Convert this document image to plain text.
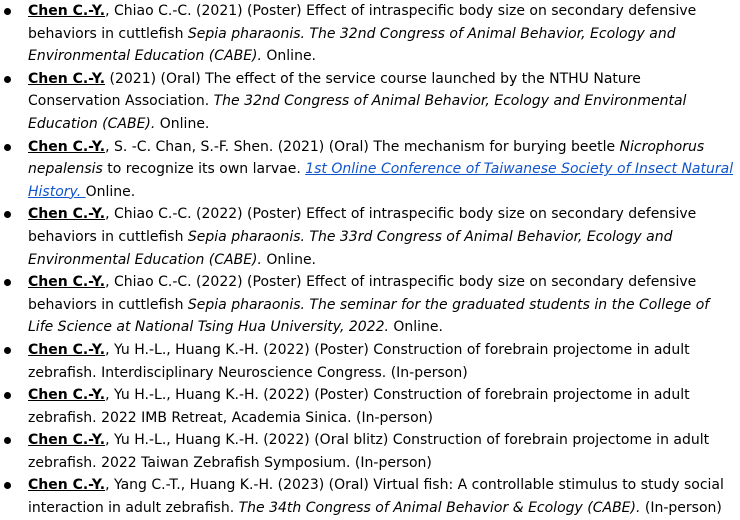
Chen C.-Y., Chiao C.-C. (2021) (Poster) Effect of intraspecific body size on secondary defensive behaviors in cuttlefish Sepia pharaonis. The 32nd Congress of Animal Behavior, Ecology and Environmental Education (CABE). Online.
Chen C.-Y. (2021) (Oral) The effect of the service course launched by the NTHU Nature Conservation Association. The 32nd Congress of Animal Behavior, Ecology and Environmental Education (CABE). Online.
Chen C.-Y., S. -C. Chan, S.-F. Shen. (2021) (Oral) The mechanism for burying beetle Nicrophorus nepalensis to recognize its own larvae. 1st Online Conference of Taiwanese Society of Insect Natural History. Online.
Chen C.-Y., Chiao C.-C. (2022) (Poster) Effect of intraspecific body size on secondary defensive behaviors in cuttlefish Sepia pharaonis. The 33rd Congress of Animal Behavior, Ecology and Environmental Education (CABE). Online.
Chen C.-Y., Chiao C.-C. (2022) (Poster) Effect of intraspecific body size on secondary defensive behaviors in cuttlefish Sepia pharaonis. The seminar for the graduated students in the College of Life Science at National Tsing Hua University, 2022. Online.
Chen C.-Y., Yu H.-L., Huang K.-H. (2022) (Poster) Construction of forebrain projectome in adult zebrafish. Interdisciplinary Neuroscience Congress. (In-person)
Chen C.-Y., Yu H.-L., Huang K.-H. (2022) (Poster) Construction of forebrain projectome in adult zebrafish. 2022 IMB Retreat, Academia Sinica. (In-person)
Chen C.-Y., Yu H.-L., Huang K.-H. (2022) (Oral blitz) Construction of forebrain projectome in adult zebrafish. 2022 Taiwan Zebrafish Symposium. (In-person)
Chen C.-Y., Yang C.-T., Huang K.-H. (2023) (Oral) Virtual fish: A controllable stimulus to study social interaction in adult zebrafish. The 34th Congress of Animal Behavior & Ecology (CABE). (In-person)
